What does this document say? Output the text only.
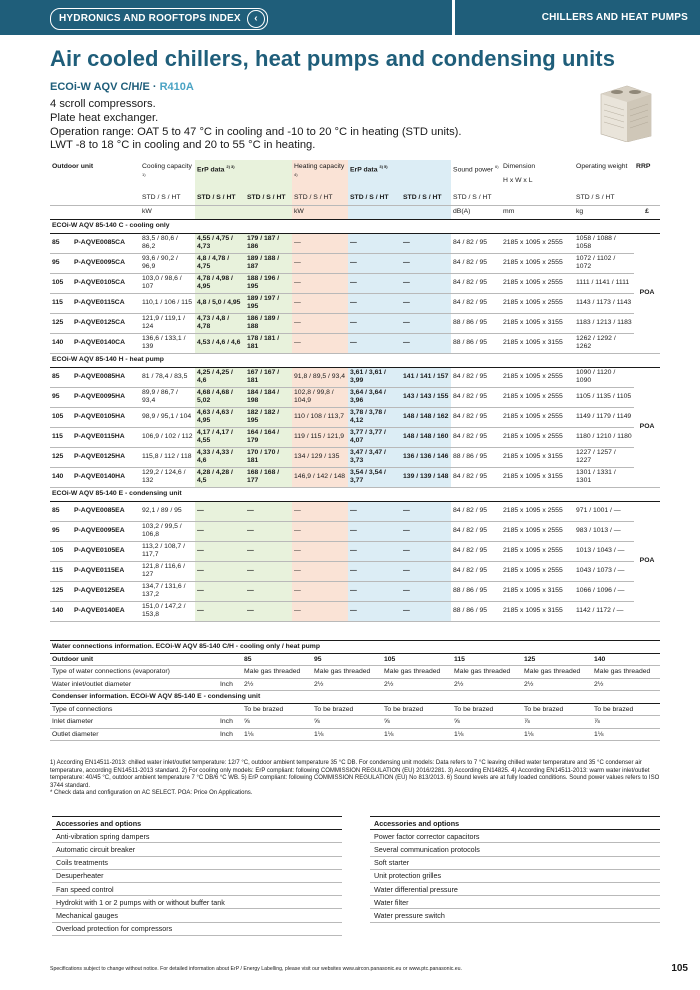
HYDRONICS AND ROOFTOPS INDEX	‹	CHILLERS AND HEAT PUMPS
Air cooled chillers, heat pumps and condensing units
ECOi-W AQV C/H/E · R410A
4 scroll compressors.
Plate heat exchanger.
Operation range: OAT 5 to 47 °C in cooling and -10 to 20 °C in heating (STD units).
LWT -8 to 18 °C in cooling and 20 to 55 °C in heating.
Outdoor unit		Cooling capacity $^{1)}$	ErP data $^{2) 3)}$		Heating capacity $^{4)}$	ErP data $^{3) 5)}$		Sound power $^{6)}$	Dimension
H x W x L	Operating weight	RRP
		STD / S / HT	STD / S / HT	STD / S / HT	STD / S / HT	STD / S / HT	STD / S / HT	STD / S / HT		STD / S / HT	
		kW			kW			dB(A)	mm	kg	£
ECOi-W AQV 85-140 C - cooling only											
85	P-AQVE0085CA	83,5 / 80,6 / 86,2	4,55 / 4,75 / 4,73	179 / 187 / 186	—	—	—	84 / 82 / 95	2185 x 1095 x 2555	1058 / 1088 / 1058	POA
95	P-AQVE0095CA	93,6 / 90,2 / 96,9	4,8 / 4,78 / 4,75	189 / 188 / 187	—	—	—	84 / 82 / 95	2185 x 1095 x 2555	1072 / 1102 / 1072	
105	P-AQVE0105CA	103,0 / 98,6 / 107	4,78 / 4,98 / 4,95	188 / 196 / 195	—	—	—	84 / 82 / 95	2185 x 1095 x 2555	1111 / 1141 / 1111	
115	P-AQVE0115CA	110,1 / 106 / 115	4,8 / 5,0 / 4,95	189 / 197 / 195	—	—	—	84 / 82 / 95	2185 x 1095 x 2555	1143 / 1173 / 1143	
125	P-AQVE0125CA	121,9 / 119,1 / 124	4,73 / 4,8 / 4,78	186 / 189 / 188	—	—	—	88 / 86 / 95	2185 x 1095 x 3155	1183 / 1213 / 1183	
140	P-AQVE0140CA	136,6 / 133,1 / 139	4,53 / 4,6 / 4,6	178 / 181 / 181	—	—	—	88 / 86 / 95	2185 x 1095 x 3155	1262 / 1292 / 1262	
ECOi-W AQV 85-140 H - heat pump											
85	P-AQVE0085HA	81 / 78,4 / 83,5	4,25 / 4,25 / 4,6	167 / 167 / 181	91,8 / 89,5 / 93,4	3,61 / 3,61 / 3,99	141 / 141 / 157	84 / 82 / 95	2185 x 1095 x 2555	1090 / 1120 / 1090	POA
95	P-AQVE0095HA	89,9 / 86,7 / 93,4	4,68 / 4,68 / 5,02	184 / 184 / 198	102,8 / 99,8 / 104,9	3,64 / 3,64 / 3,96	143 / 143 / 155	84 / 82 / 95	2185 x 1095 x 2555	1105 / 1135 / 1105	
105	P-AQVE0105HA	98,9 / 95,1 / 104	4,63 / 4,63 / 4,95	182 / 182 / 195	110 / 108 / 113,7	3,78 / 3,78 / 4,12	148 / 148 / 162	84 / 82 / 95	2185 x 1095 x 2555	1149 / 1179 / 1149	
115	P-AQVE0115HA	106,9 / 102 / 112	4,17 / 4,17 / 4,55	164 / 164 / 179	119 / 115 / 121,9	3,77 / 3,77 / 4,07	148 / 148 / 160	84 / 82 / 95	2185 x 1095 x 2555	1180 / 1210 / 1180	
125	P-AQVE0125HA	115,8 / 112 / 118	4,33 / 4,33 / 4,6	170 / 170 / 181	134 / 129 / 135	3,47 / 3,47 / 3,73	136 / 136 / 146	88 / 86 / 95	2185 x 1095 x 3155	1227 / 1257 / 1227	
140	P-AQVE0140HA	129,2 / 124,6 / 132	4,28 / 4,28 / 4,5	168 / 168 / 177	146,9 / 142 / 148	3,54 / 3,54 / 3,77	139 / 139 / 148	84 / 82 / 95	2185 x 1095 x 3155	1301 / 1331 / 1301	
ECOi-W AQV 85-140 E - condensing unit											
85	P-AQVE0085EA	92,1 / 89 / 95	—	—	—	—	—	84 / 82 / 95	2185 x 1095 x 2555	971 / 1001 / —	POA
95	P-AQVE0095EA	103,2 / 99,5 / 106,8	—	—	—	—	—	84 / 82 / 95	2185 x 1095 x 2555	983 / 1013 / —	
105	P-AQVE0105EA	113,2 / 108,7 / 117,7	—	—	—	—	—	84 / 82 / 95	2185 x 1095 x 2555	1013 / 1043 / —	
115	P-AQVE0115EA	121,8 / 116,6 / 127	—	—	—	—	—	84 / 82 / 95	2185 x 1095 x 2555	1043 / 1073 / —	
125	P-AQVE0125EA	134,7 / 131,6 / 137,2	—	—	—	—	—	88 / 86 / 95	2185 x 1095 x 3155	1066 / 1096 / —	
140	P-AQVE0140EA	151,0 / 147,2 / 153,8	—	—	—	—	—	88 / 86 / 95	2185 x 1095 x 3155	1142 / 1172 / —	
Water connections information. ECOi-W AQV 85-140 C/H - cooling only / heat pump							
Outdoor unit		85	95	105	115	125	140
Type of water connections (evaporator)		Male gas threaded	Male gas threaded	Male gas threaded	Male gas threaded	Male gas threaded	Male gas threaded
Water inlet/outlet diameter	Inch	2½	2½	2½	2½	2½	2½
Condenser information. ECOi-W AQV 85-140 E - condensing unit							
Type of connections		To be brazed	To be brazed	To be brazed	To be brazed	To be brazed	To be brazed
Inlet diameter	Inch	⅝	⅝	⅝	⅝	⅞	⅞
Outlet diameter	Inch	1⅛	1⅛	1⅛	1⅛	1⅛	1⅛
1) According EN14511-2013: chilled water inlet/outlet temperature: 12/7 °C, outdoor ambient temperature 35 °C DB. For condensing unit models: Data refers to 7 °C leaving chilled water temperature and 35 °C condenser air temperature, according EN14511-2013 standard. 2) For cooling only models: ErP compliant: following COMMISSION REGULATION (EU) 2016/2281. 3) According EN14825. 4) According EN14511-2013: warm water inlet/outlet temperature: 40/45 °C, outdoor ambient temperature 7 °C DB/6 °C WB. 5) ErP compliant: following COMMISSION REGULATION (EU) No 813/2013. 6) Sound levels are at fully loaded conditions. Sound power values refers to ISO 3744 standard.
* Check data and configuration on AC SELECT. POA: Price On Applications.
Accessories and options
Anti-vibration spring dampers
Automatic circuit breaker
Coils treatments
Desuperheater
Fan speed control
Hydrokit with 1 or 2 pumps with or without buffer tank
Mechanical gauges
Overload protection for compressors
Accessories and options
Power factor corrector capacitors
Several communication protocols
Soft starter
Unit protection grilles
Water differential pressure
Water filter
Water pressure switch
Specifications subject to change without notice. For detailed information about ErP / Energy Labelling, please visit our websites www.aircon.panasonic.eu or www.ptc.panasonic.eu.	105
